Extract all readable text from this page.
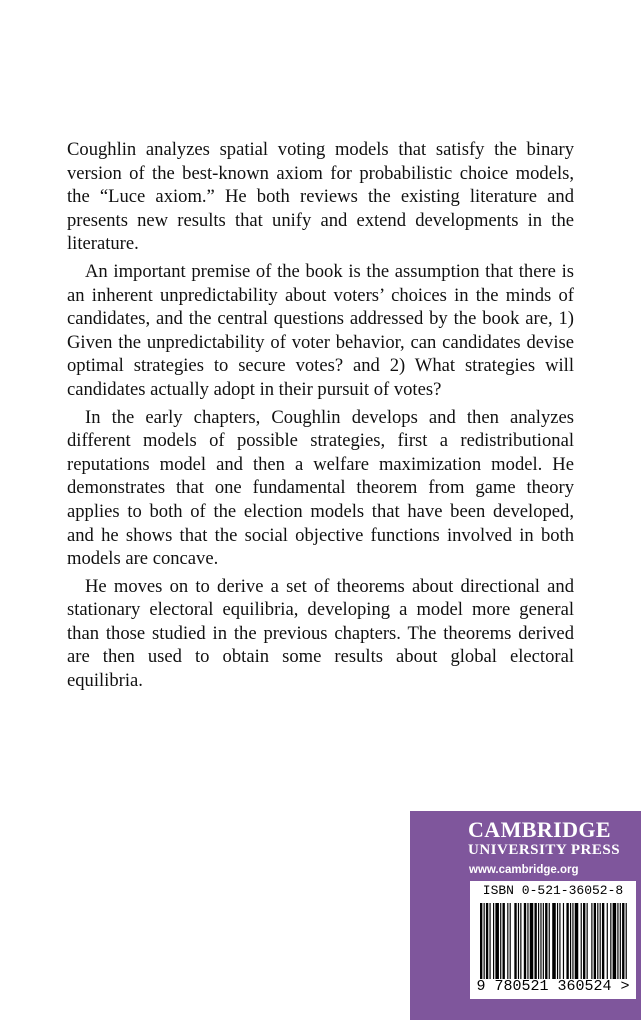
Coughlin analyzes spatial voting models that satisfy the binary version of the best-known axiom for probabilistic choice models, the “Luce axiom.” He both reviews the existing literature and presents new results that unify and extend developments in the literature.

An important premise of the book is the assumption that there is an inherent unpredictability about voters’ choices in the minds of candidates, and the central questions addressed by the book are, 1) Given the unpredictability of voter behavior, can candidates devise optimal strategies to secure votes? and 2) What strategies will candidates actually adopt in their pursuit of votes?

In the early chapters, Coughlin develops and then analyzes different models of possible strategies, first a redistributional reputations model and then a welfare maximization model. He demonstrates that one fundamental theorem from game theory applies to both of the election models that have been developed, and he shows that the social objective functions involved in both models are concave.

He moves on to derive a set of theorems about directional and stationary electoral equilibria, developing a model more general than those studied in the previous chapters. The theorems derived are then used to obtain some results about global electoral equilibria.

CAMBRIDGE
UNIVERSITY PRESS
www.cambridge.org
ISBN 0-521-36052-8
9 780521 360524 >
